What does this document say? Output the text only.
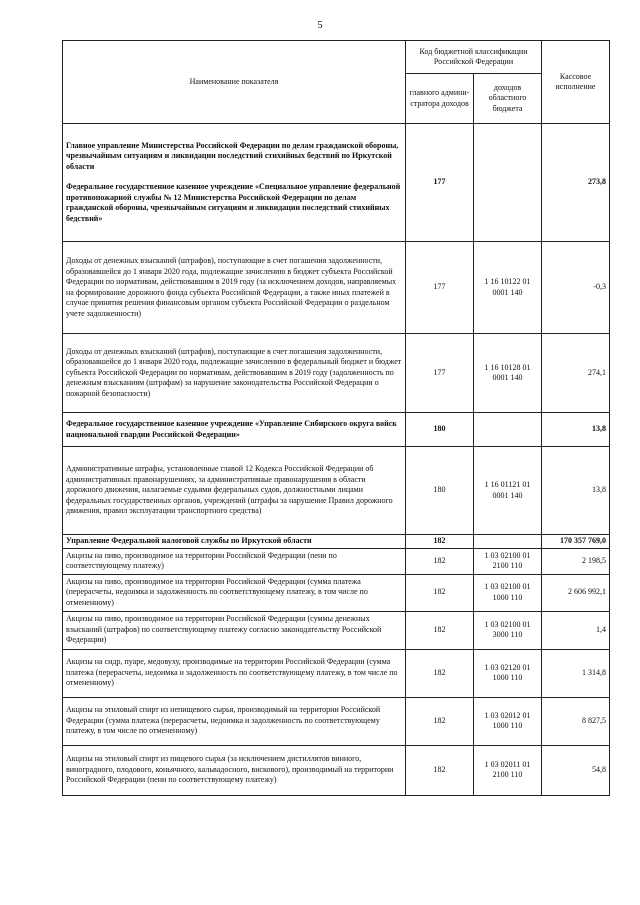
5
Наименование показателя	Код бюджетной классификации Российской Федерации		Кассовое исполнение
	главного админи-стратора доходов	доходов областного бюджета	

Главное управление Министерства Российской Федерации по делам гражданской обороны, чрезвычайным ситуациям и ликвидации последствий стихийных бедствий по Иркутской области
Федеральное государственное казенное учреждение «Специальное управление федеральной противопожарной службы № 12 Министерства Российской Федерации по делам гражданской обороны, чрезвычайным ситуациям и ликвидации последствий стихийных бедствий»	177		273,8
Доходы от денежных взысканий (штрафов), поступающие в счет погашения задолженности, образовавшейся до 1 января 2020 года, подлежащие зачислению в бюджет субъекта Российской Федерации по нормативам, действовавшим в 2019 году (за исключением доходов, направляемых на формирование дорожного фонда субъекта Российской Федерации, а также иных платежей в случае принятия решения финансовым органом субъекта Российской Федерации о раздельном учете задолженности)	177	1 16 10122 01 0001 140	-0,3
Доходы от денежных взысканий (штрафов), поступающие в счет погашения задолженности, образовавшейся до 1 января 2020 года, подлежащие зачислению в федеральный бюджет и бюджет субъекта Российской Федерации по нормативам, действовавшим в 2019 году (задолженность по денежным взысканиям (штрафам) за нарушение законодательства Российской Федерации о пожарной безопасности)	177	1 16 10128 01 0001 140	274,1
Федеральное государственное казенное учреждение «Управление Сибирского округа войск национальной гвардии Российской Федерации»	180		13,8
Административные штрафы, установленные главой 12 Кодекса Российской Федерации об административных правонарушениях, за административные правонарушения в области дорожного движения, налагаемые судьями федеральных судов, должностными лицами федеральных государственных органов, учреждений (штрафы за нарушение Правил дорожного движения, правил эксплуатации транспортного средства)	180	1 16 01121 01 0001 140	13,8
Управление Федеральной налоговой службы по Иркутской области	182		170 357 769,0
Акцизы на пиво, производимое на территории Российской Федерации (пени по соответствующему платежу)	182	1 03 02100 01 2100 110	2 198,5
Акцизы на пиво, производимое на территории Российской Федерации (сумма платежа (перерасчеты, недоимка и задолженность по соответствующему платежу, в том числе по отмененному)	182	1 03 02100 01 1000 110	2 606 992,1
Акцизы на пиво, производимое на территории Российской Федерации (суммы денежных взысканий (штрафов) по соответствующему платежу согласно законодательству Российской Федерации)	182	1 03 02100 01 3000 110	1,4
Акцизы на сидр, пуаре, медовуху, производимые на территории Российской Федерации (сумма платежа (перерасчеты, недоимка и задолженность по соответствующему платежу, в том числе по отмененному)	182	1 03 02120 01 1000 110	1 314,8
Акцизы на этиловый спирт из непищевого сырья, производимый на территории Российской Федерации (сумма платежа (перерасчеты, недоимка и задолженность по соответствующему платежу, в том числе по отмененному)	182	1 03 02012 01 1000 110	8 827,5
Акцизы на этиловый спирт из пищевого сырья (за исключением дистиллятов винного, виноградного, плодового, коньячного, кальвадосного, вискового), производимый на территории Российской Федерации (пени по соответствующему платежу)	182	1 03 02011 01 2100 110	54,8
